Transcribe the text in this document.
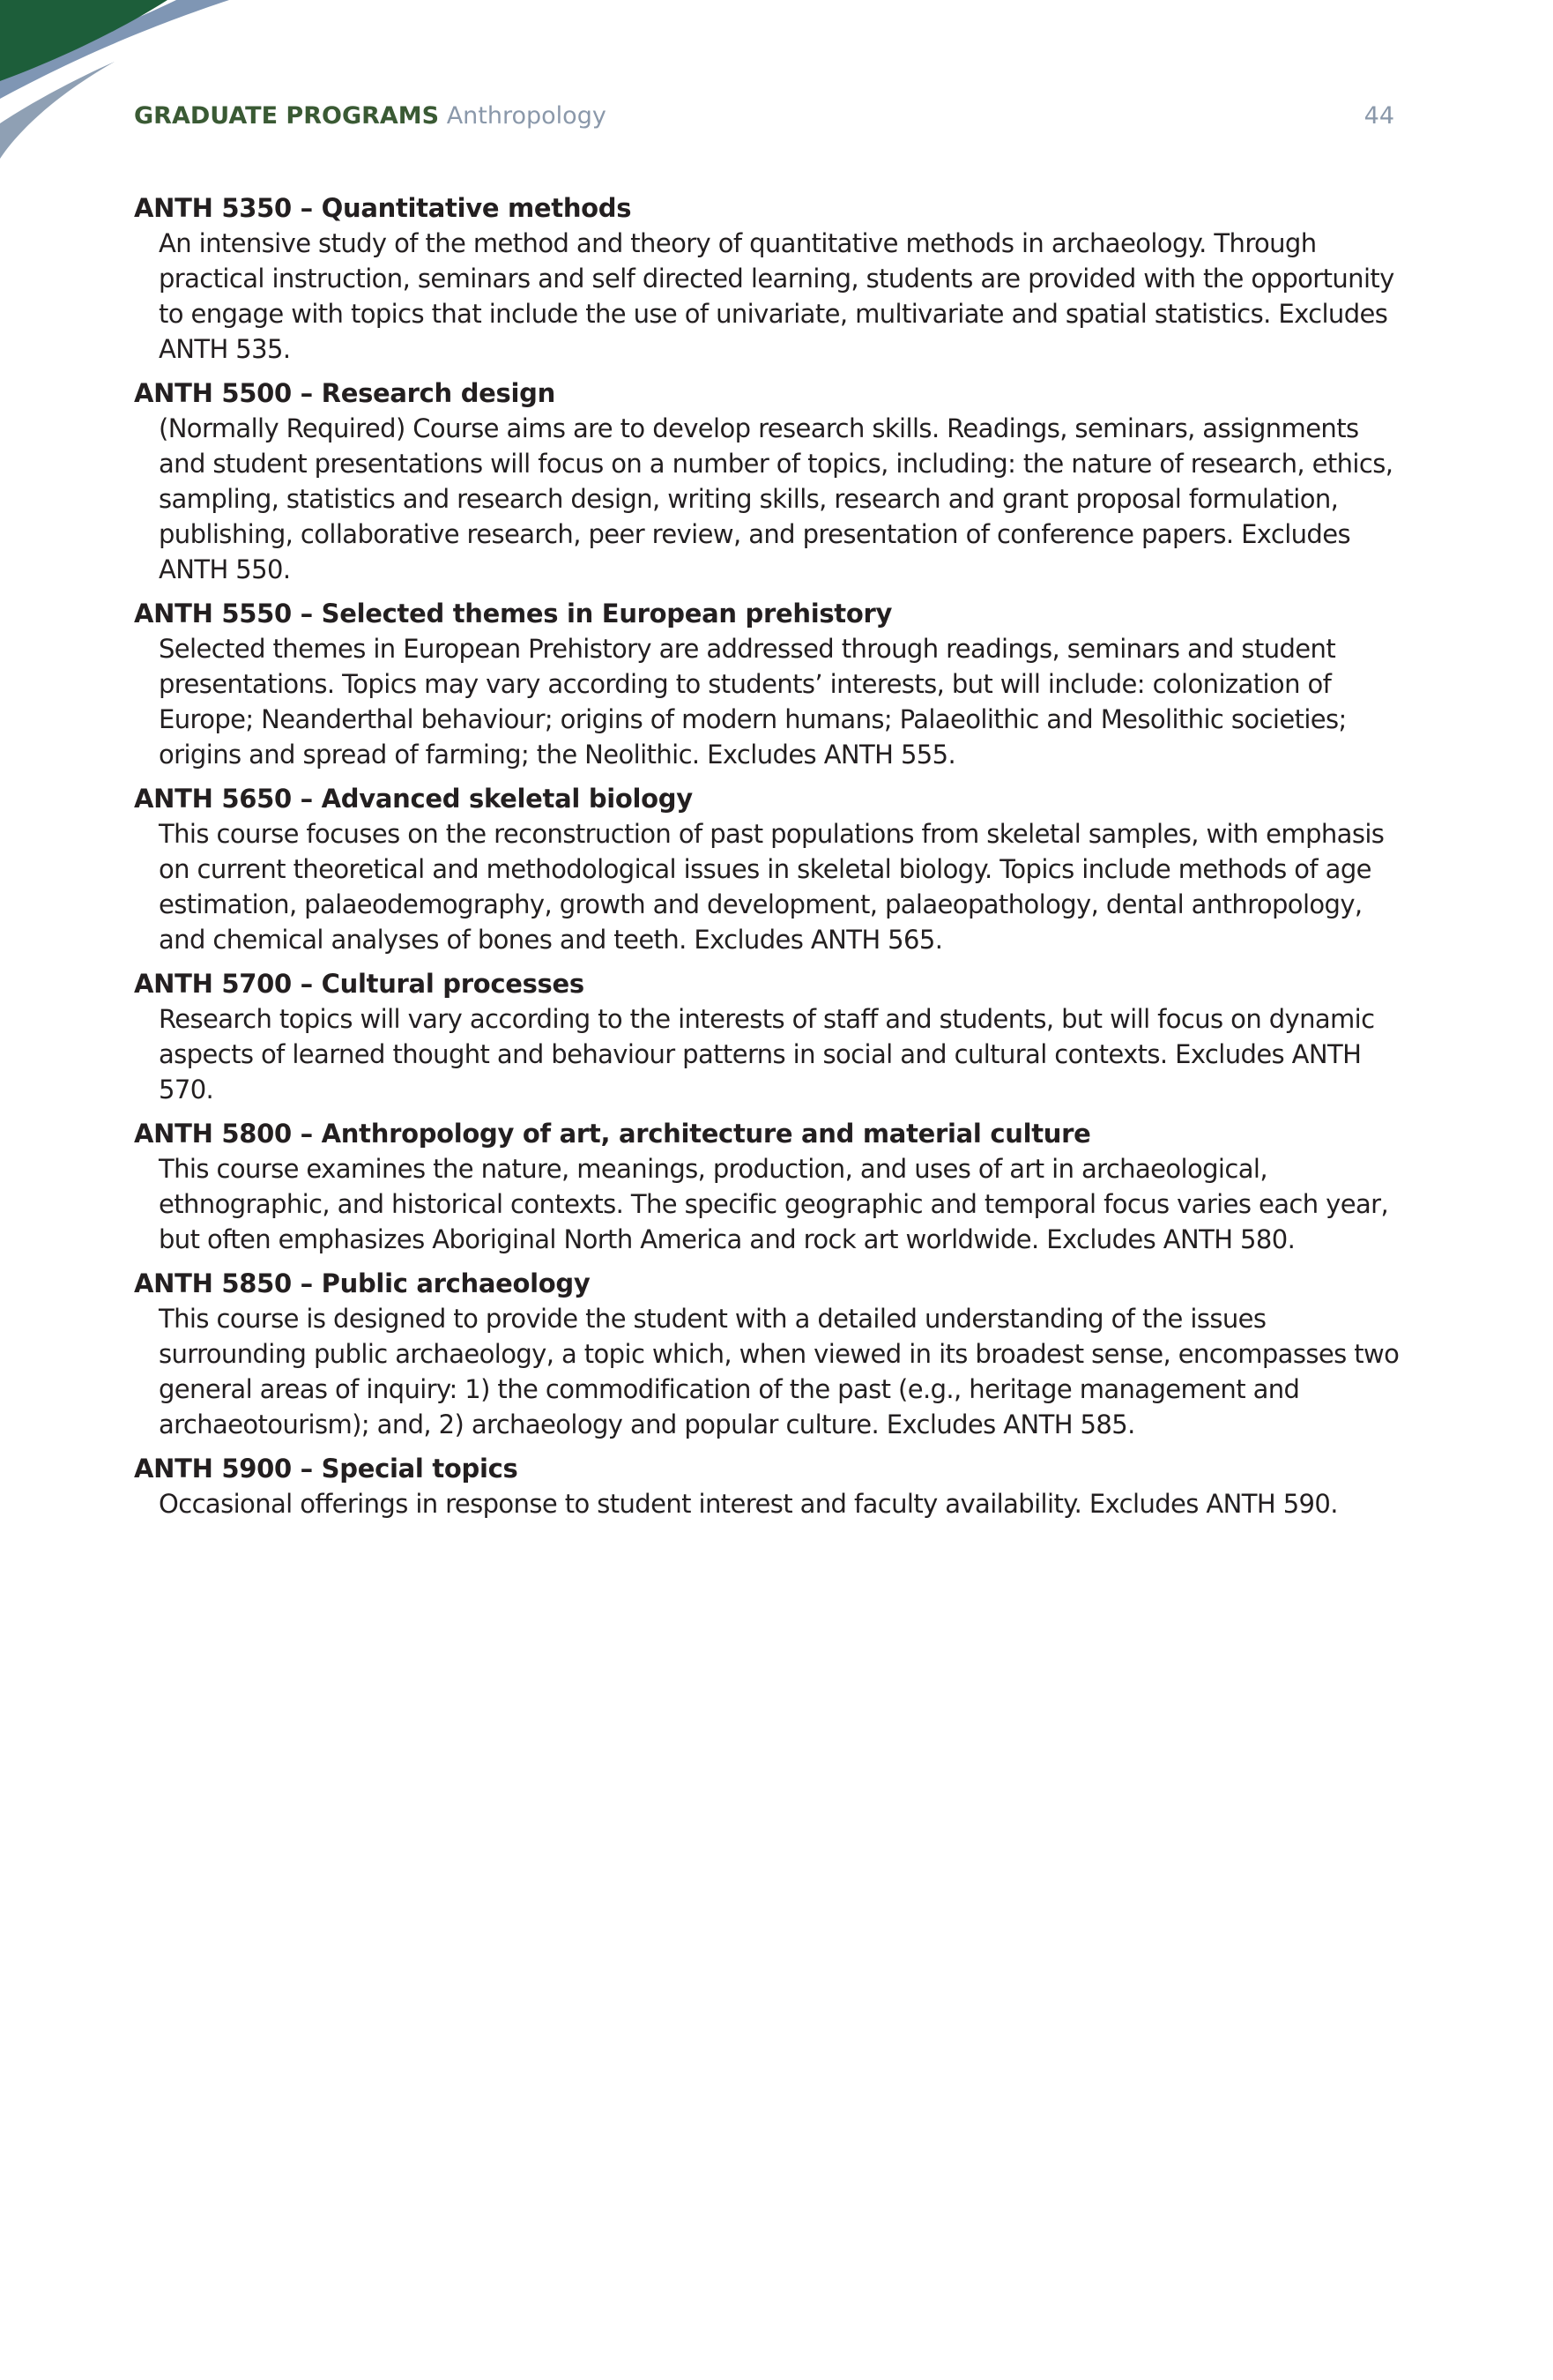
GRADUATE PROGRAMS Anthropology	44
ANTH 5350 – Quantitative methods
An intensive study of the method and theory of quantitative methods in archaeology. Through practical instruction, seminars and self directed learning, students are provided with the opportunity to engage with topics that include the use of univariate, multivariate and spatial statistics. Excludes ANTH 535.
ANTH 5500 – Research design
(Normally Required) Course aims are to develop research skills. Readings, seminars, assignments and student presentations will focus on a number of topics, including: the nature of research, ethics, sampling, statistics and research design, writing skills, research and grant proposal formulation, publishing, collaborative research, peer review, and presentation of conference papers. Excludes ANTH 550.
ANTH 5550 – Selected themes in European prehistory
Selected themes in European Prehistory are addressed through readings, seminars and student presentations. Topics may vary according to students’ interests, but will include: colonization of Europe; Neanderthal behaviour; origins of modern humans; Palaeolithic and Mesolithic societies; origins and spread of farming; the Neolithic. Excludes ANTH 555.
ANTH 5650 – Advanced skeletal biology
This course focuses on the reconstruction of past populations from skeletal samples, with emphasis on current theoretical and methodological issues in skeletal biology. Topics include methods of age estimation, palaeodemography, growth and development, palaeopathology, dental anthropology, and chemical analyses of bones and teeth. Excludes ANTH 565.
ANTH 5700 – Cultural processes
Research topics will vary according to the interests of staff and students, but will focus on dynamic aspects of learned thought and behaviour patterns in social and cultural contexts. Excludes ANTH 570.
ANTH 5800 – Anthropology of art, architecture and material culture
This course examines the nature, meanings, production, and uses of art in archaeological, ethnographic, and historical contexts. The specific geographic and temporal focus varies each year, but often emphasizes Aboriginal North America and rock art worldwide. Excludes ANTH 580.
ANTH 5850 – Public archaeology
This course is designed to provide the student with a detailed understanding of the issues surrounding public archaeology, a topic which, when viewed in its broadest sense, encompasses two general areas of inquiry: 1) the commodification of the past (e.g., heritage management and archaeotourism); and, 2) archaeology and popular culture. Excludes ANTH 585.
ANTH 5900 – Special topics
Occasional offerings in response to student interest and faculty availability. Excludes ANTH 590.
